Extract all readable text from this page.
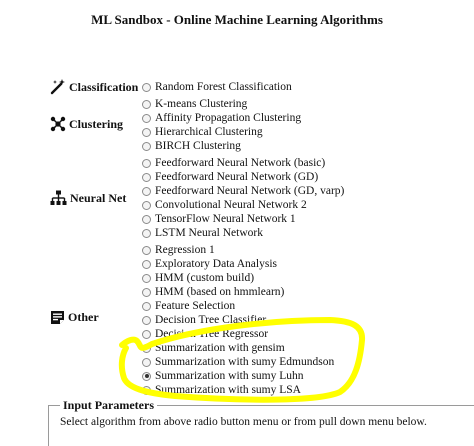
ML Sandbox - Online Machine Learning Algorithms
Classification
Clustering
Neural Net
Other
Random Forest Classification
K-means Clustering
Affinity Propagation Clustering
Hierarchical Clustering
BIRCH Clustering
Feedforward Neural Network (basic)
Feedforward Neural Network (GD)
Feedforward Neural Network (GD, varp)
Convolutional Neural Network 2
TensorFlow Neural Network 1
LSTM Neural Network
Regression 1
Exploratory Data Analysis
HMM (custom build)
HMM (based on hmmlearn)
Feature Selection
Decision Tree Classifier
Decision Tree Regressor
Summarization with gensim
Summarization with sumy Edmundson
Summarization with sumy Luhn
Summarization with sumy LSA
Input Parameters
Select algorithm from above radio button menu or from pull down menu below.
